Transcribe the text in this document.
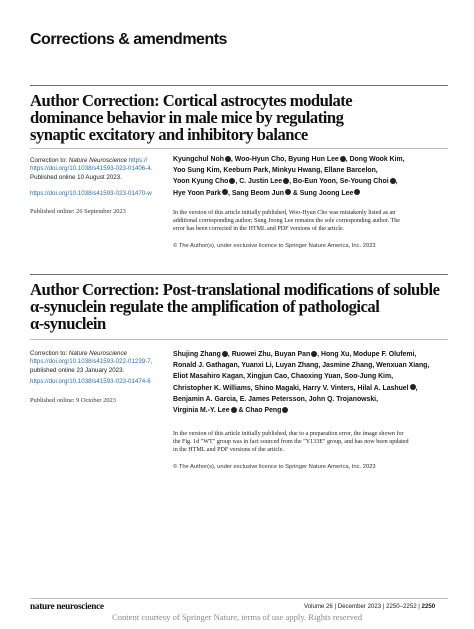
Corrections & amendments
Author Correction: Cortical astrocytes modulate
dominance behavior in male mice by regulating
synaptic excitatory and inhibitory balance
Correction to: Nature Neuroscience https://
https://doi.org/10.1038/s41593-023-01406-4.
Published online 10 August 2023.
https://doi.org/10.1038/s41593-023-01470-w
Published online: 26 September 2023
Kyungchul Noh , Woo-Hyun Cho, Byung Hun Lee , Dong Wook Kim,
Yoo Sung Kim, Keeburn Park, Minkyu Hwang, Ellane Barcelon,
Yoon Kyung Cho , C. Justin Lee , Bo-Eun Yoon, Se-Young Choi ,
Hye Yoon Park , Sang Beom Jun & Sung Joong Lee
In the version of this article initially published, Woo-Hyun Cho was mistakenly listed as an
additional corresponding author; Sung Joong Lee remains the sole corresponding author. The
error has been corrected in the HTML and PDF versions of the article.
© The Author(s), under exclusive licence to Springer Nature America, Inc. 2023
Author Correction: Post-translational modifications of soluble
α-synuclein regulate the amplification of pathological
α-synuclein
Correction to: Nature Neuroscience
https://doi.org/10.1038/s41593-022-01239-7,
published online 23 January 2023.
https://doi.org/10.1038/s41593-023-01474-6
Published online: 9 October 2023
Shujing Zhang , Ruowei Zhu, Buyan Pan , Hong Xu, Modupe F. Olufemi,
Ronald J. Gathagan, Yuanxi Li, Luyan Zhang, Jasmine Zhang, Wenxuan Xiang,
Eliot Masahiro Kagan, Xingjun Cao, Chaoxing Yuan, Soo-Jung Kim,
Christopher K. Williams, Shino Magaki, Harry V. Vinters, Hilal A. Lashuel ,
Benjamin A. Garcia, E. James Petersson, John Q. Trojanowski,
Virginia M.-Y. Lee & Chao Peng
In the version of this article initially published, due to a preparation error, the image shown for
the Fig. 1d "WT" group was in fact sourced from the "Y133E" group, and has now been updated
in the HTML and PDF versions of the article.
© The Author(s), under exclusive licence to Springer Nature America, Inc. 2023
nature neuroscience	Volume 26 | December 2023 | 2250–2252 | 2250
Content courtesy of Springer Nature, terms of use apply. Rights reserved
